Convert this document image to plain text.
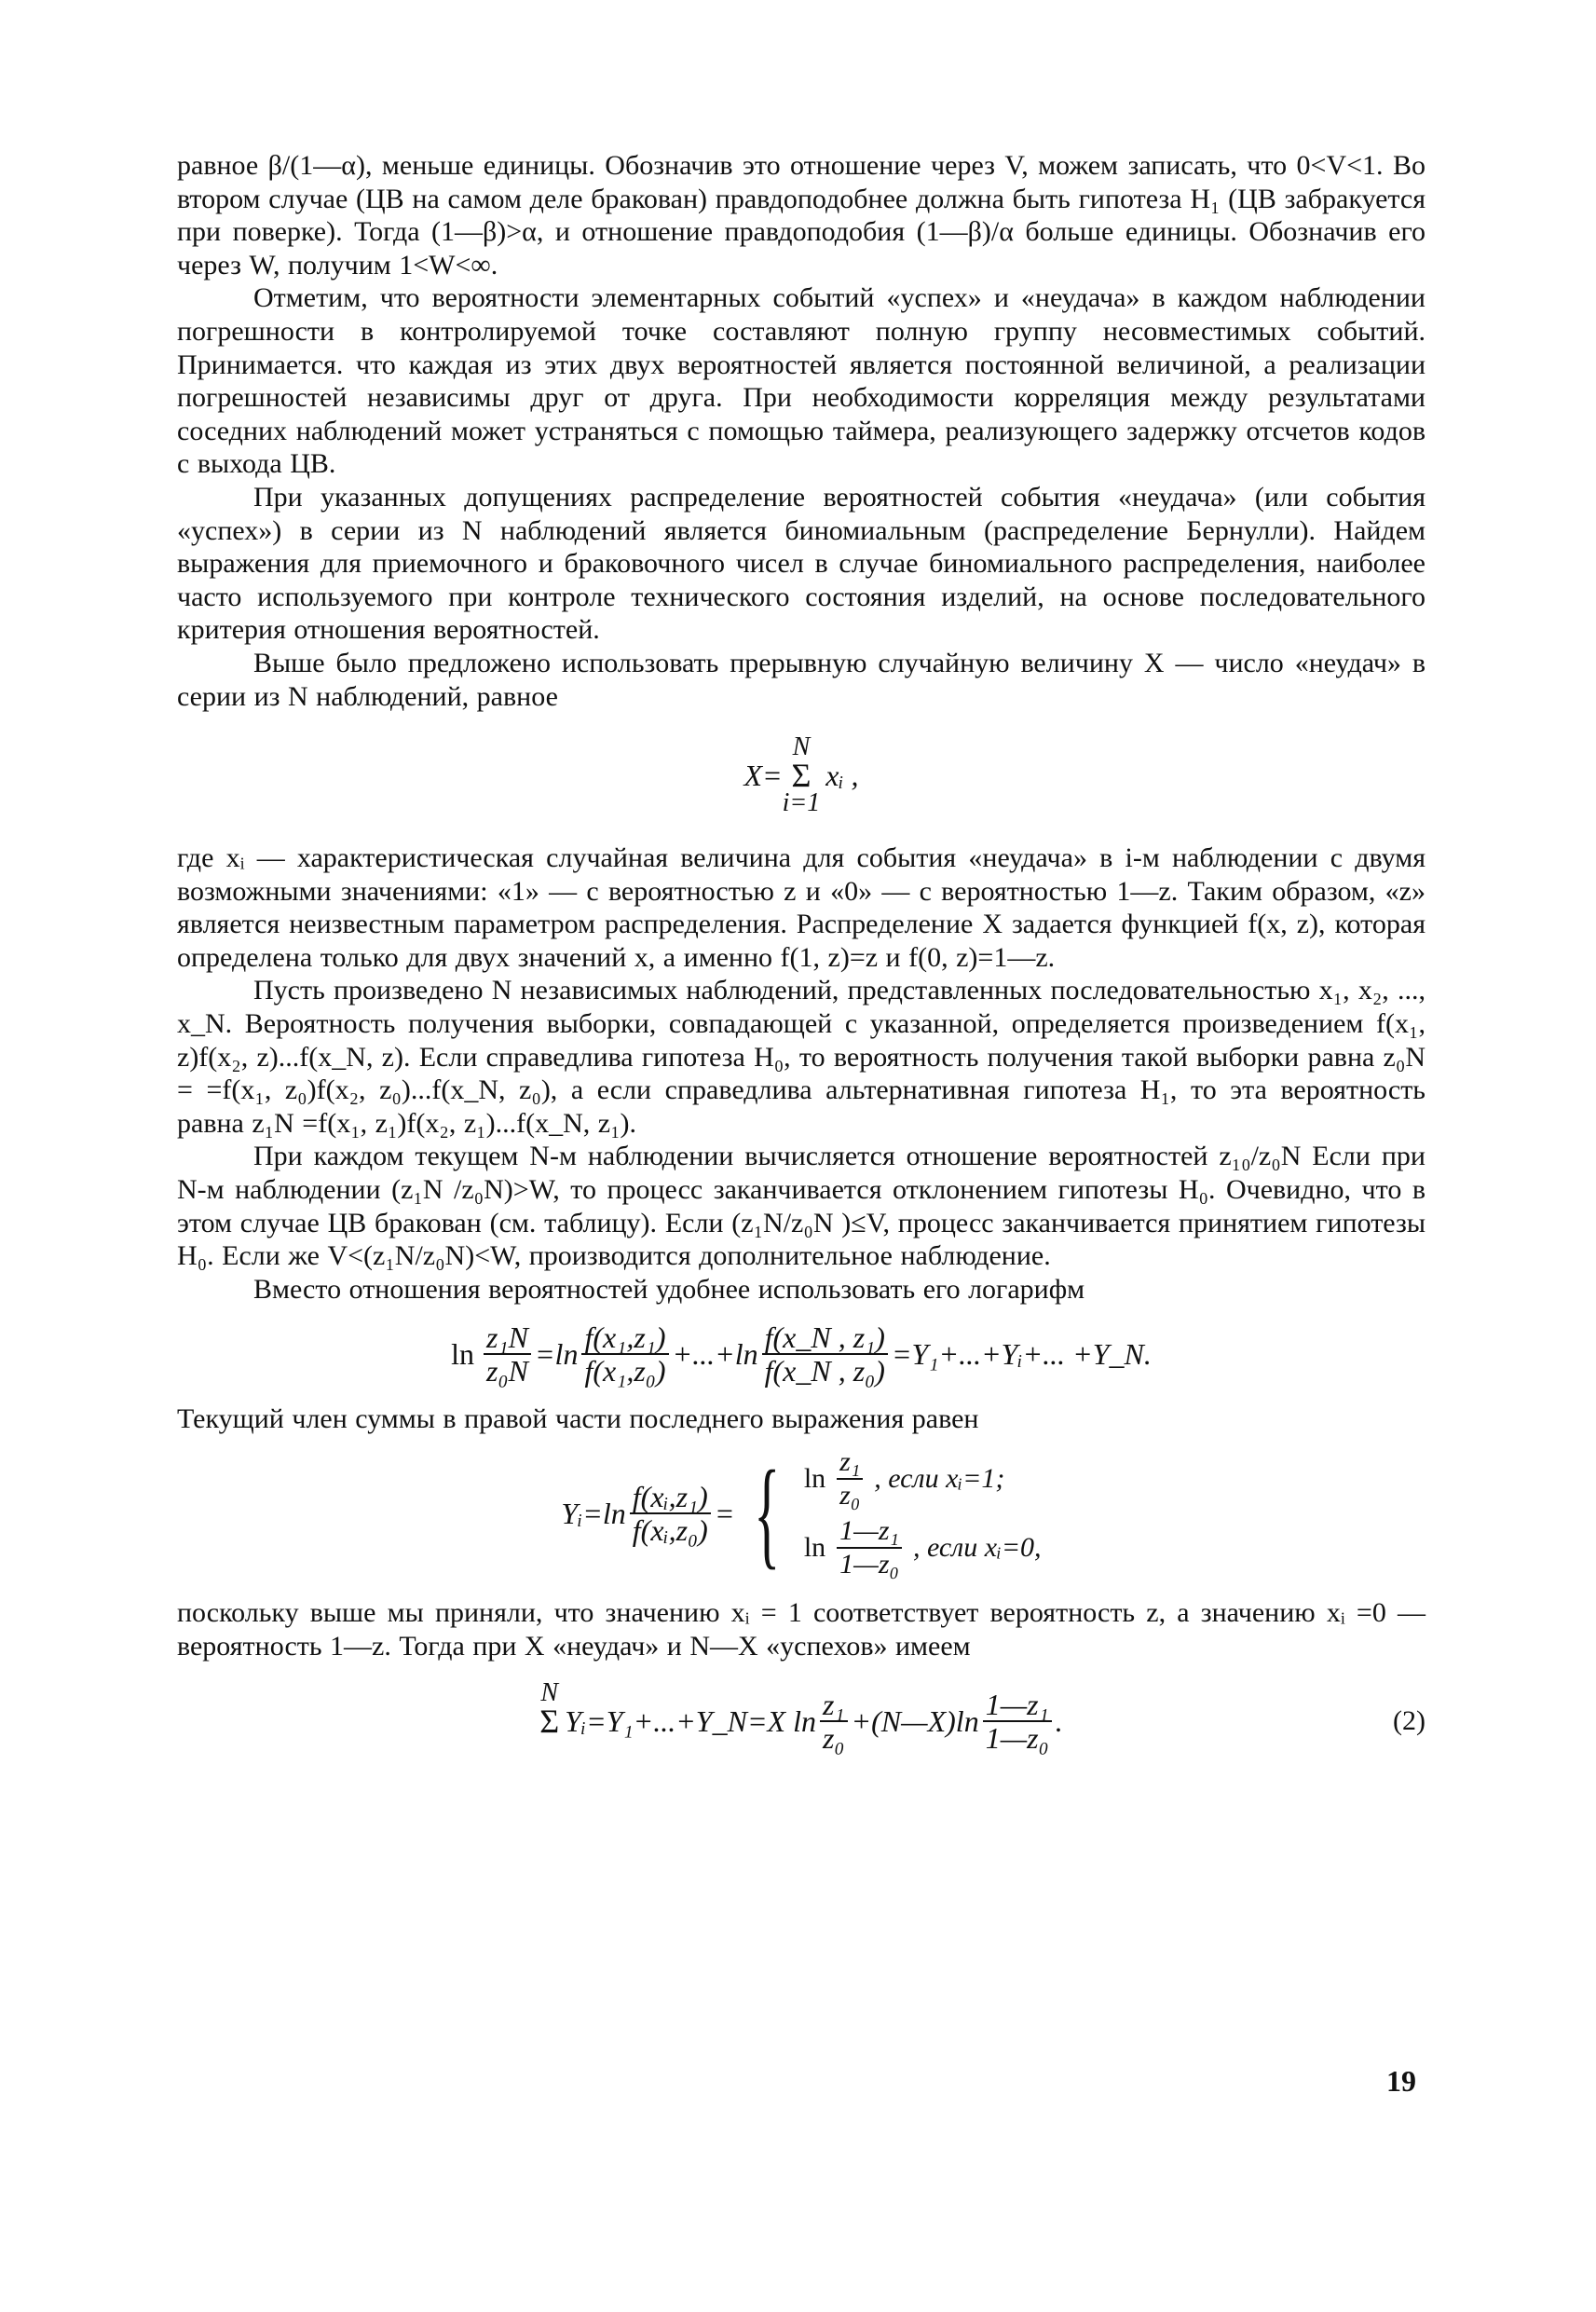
равное β/(1—α), меньше единицы. Обозначив это отношение через V, можем записать, что 0<V<1. Во втором случае (ЦВ на самом деле бракован) правдоподобнее должна быть гипотеза H₁ (ЦВ забракуется при поверке). Тогда (1—β)>α, и отношение правдоподобия (1—β)/α больше единицы. Обозначив его через W, получим 1<W<∞.

Отметим, что вероятности элементарных событий «успех» и «неудача» в каждом наблюдении погрешности в контролируемой точке составляют полную группу несовместимых событий. Принимается. что каждая из этих двух вероятностей является постоянной величиной, а реализации погрешностей независимы друг от друга. При необходимости корреляция между результатами соседних наблюдений может устраняться с помощью таймера, реализующего задержку отсчетов кодов с выхода ЦВ.

При указанных допущениях распределение вероятностей события «неудача» (или события «успех») в серии из N наблюдений является биномиальным (распределение Бернулли). Найдем выражения для приемочного и браковочного чисел в случае биномиального распределения, наиболее часто используемого при контроле технического состояния изделий, на основе последовательного критерия отношения вероятностей.

Выше было предложено использовать прерывную случайную величину X — число «неудач» в серии из N наблюдений, равное

X=
N
Σ
i=1
xᵢ ,

где xᵢ — характеристическая случайная величина для события «неудача» в i-м наблюдении с двумя возможными значениями: «1» — с вероятностью z и «0» — с вероятностью 1—z. Таким образом, «z» является неизвестным параметром распределения. Распределение X задается функцией f(x, z), которая определена только для двух значений x, а именно f(1, z)=z и f(0, z)=1—z.

Пусть произведено N независимых наблюдений, представленных последовательностью x₁, x₂, ..., x_N. Вероятность получения выборки, совпадающей с указанной, определяется произведением f(x₁, z)f(x₂, z)...f(x_N, z). Если справедлива гипотеза H₀, то вероятность получения такой выборки равна z₀N = =f(x₁, z₀)f(x₂, z₀)...f(x_N, z₀), а если справедлива альтернативная гипотеза H₁, то эта вероятность равна z₁N =f(x₁, z₁)f(x₂, z₁)...f(x_N, z₁).

При каждом текущем N-м наблюдении вычисляется отношение вероятностей z₁₀/z₀N Если при N-м наблюдении (z₁N /z₀N)>W, то процесс заканчивается отклонением гипотезы H₀. Очевидно, что в этом случае ЦВ бракован (см. таблицу). Если (z₁N/z₀N )≤V, процесс заканчивается принятием гипотезы H₀. Если же V<(z₁N/z₀N)<W, производится дополнительное наблюдение.

Вместо отношения вероятностей удобнее использовать его логарифм

$\ln \frac{\text{z₁N}}{\text{z₀N}} =\ln \frac{\text{f(x₁,z₁)}}{\text{f(x₁,z₀)}} +...+\ln \frac{\text{f(x\_N , z₁)}}{\text{f(x\_N , z₀)}}$ =Y₁+...+Yᵢ+... +Y_N.

Текущий член суммы в правой части последнего выражения равен

Yᵢ=ln $\frac{\text{f(xᵢ,z₁)}}{\text{f(xᵢ,z₀)}}$ = { $\ln \frac{\text{z₁}}{\text{z₀}}$ , если xᵢ=1;
$\ln \frac{\text{1—z₁}}{\text{1—z₀}}$ , если xᵢ=0,

поскольку выше мы приняли, что значению xᵢ = 1 соответствует вероятность z, а значению xᵢ =0 — вероятность 1—z. Тогда при X «неудач» и N—X «успехов» имеем

N
Σ
Yᵢ=Y₁+...+Y_N=X $\ln \frac{\text{z₁}}{\text{z₀}}$ +(N—X)ln $\frac{\text{1—z₁}}{\text{1—z₀}}$ .	(2)
19
